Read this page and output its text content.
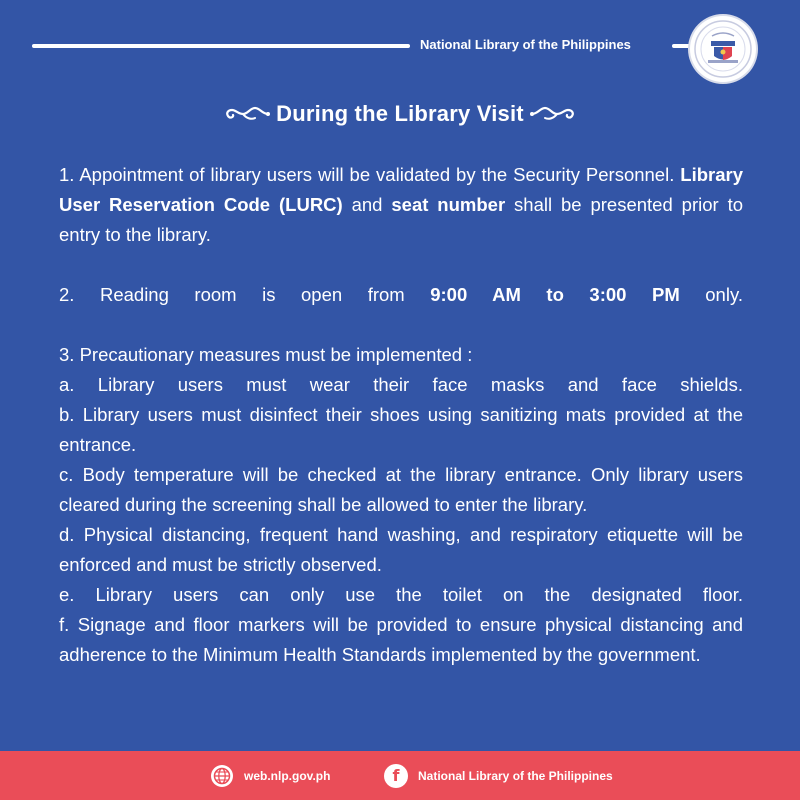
National Library of the Philippines
During the Library Visit

1. Appointment of library users will be validated by the Security Personnel. Library User Reservation Code (LURC) and seat number shall be presented prior to entry to the library.

2. Reading room is open from 9:00 AM to 3:00 PM only.

3. Precautionary measures must be implemented :

a. Library users must wear their face masks and face shields.

b. Library users must disinfect their shoes using sanitizing mats provided at the entrance.

c. Body temperature will be checked at the library entrance. Only library users cleared during the screening shall be allowed to enter the library.

d. Physical distancing, frequent hand washing, and respiratory etiquette will be enforced and must be strictly observed.

e. Library users can only use the toilet on the designated floor.

f. Signage and floor markers will be provided to ensure physical distancing and adherence to the Minimum Health Standards implemented by the government.

web.nlp.gov.ph	f National Library of the Philippines
